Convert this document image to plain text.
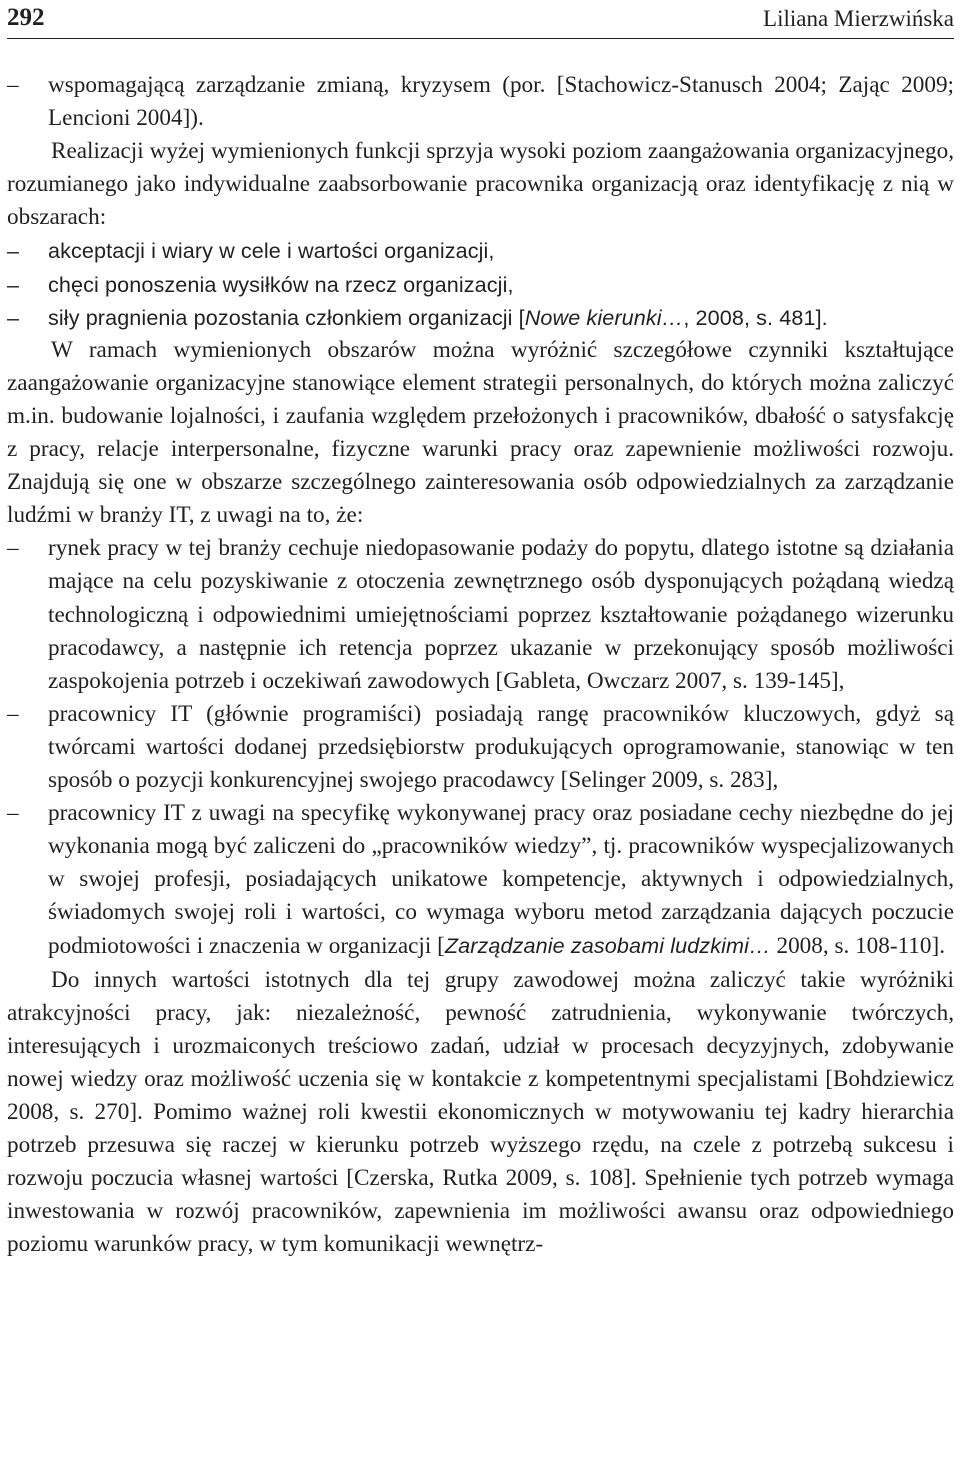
292	Liliana Mierzwińska
–	wspomagającą zarządzanie zmianą, kryzysem (por. [Stachowicz-Stanusch 2004; Zając 2009; Lencioni 2004]).

Realizacji wyżej wymienionych funkcji sprzyja wysoki poziom zaangażowania organizacyjnego, rozumianego jako indywidualne zaabsorbowanie pracownika organizacją oraz identyfikację z nią w obszarach:

–	akceptacji i wiary w cele i wartości organizacji,
–	chęci ponoszenia wysiłków na rzecz organizacji,
–	siły pragnienia pozostania członkiem organizacji [Nowe kierunki…, 2008, s. 481].

W ramach wymienionych obszarów można wyróżnić szczegółowe czynniki kształtujące zaangażowanie organizacyjne stanowiące element strategii personalnych, do których można zaliczyć m.in. budowanie lojalności, i zaufania względem przełożonych i pracowników, dbałość o satysfakcję z pracy, relacje interpersonalne, fizyczne warunki pracy oraz zapewnienie możliwości rozwoju. Znajdują się one w obszarze szczególnego zainteresowania osób odpowiedzialnych za zarządzanie ludźmi w branży IT, z uwagi na to, że:

–	rynek pracy w tej branży cechuje niedopasowanie podaży do popytu, dlatego istotne są działania mające na celu pozyskiwanie z otoczenia zewnętrznego osób dysponujących pożądaną wiedzą technologiczną i odpowiednimi umiejętnościami poprzez kształtowanie pożądanego wizerunku pracodawcy, a następnie ich retencja poprzez ukazanie w przekonujący sposób możliwości zaspokojenia potrzeb i oczekiwań zawodowych [Gableta, Owczarz 2007, s. 139-145],
–	pracownicy IT (głównie programiści) posiadają rangę pracowników kluczowych, gdyż są twórcami wartości dodanej przedsiębiorstw produkujących oprogramowanie, stanowiąc w ten sposób o pozycji konkurencyjnej swojego pracodawcy [Selinger 2009, s. 283],
–	pracownicy IT z uwagi na specyfikę wykonywanej pracy oraz posiadane cechy niezbędne do jej wykonania mogą być zaliczeni do „pracowników wiedzy”, tj. pracowników wyspecjalizowanych w swojej profesji, posiadających unikatowe kompetencje, aktywnych i odpowiedzialnych, świadomych swojej roli i wartości, co wymaga wyboru metod zarządzania dających poczucie podmiotowości i znaczenia w organizacji [Zarządzanie zasobami ludzkimi… 2008, s. 108-110].

Do innych wartości istotnych dla tej grupy zawodowej można zaliczyć takie wyróżniki atrakcyjności pracy, jak: niezależność, pewność zatrudnienia, wykonywanie twórczych, interesujących i urozmaiconych treściowo zadań, udział w procesach decyzyjnych, zdobywanie nowej wiedzy oraz możliwość uczenia się w kontakcie z kompetentnymi specjalistami [Bohdziewicz 2008, s. 270]. Pomimo ważnej roli kwestii ekonomicznych w motywowaniu tej kadry hierarchia potrzeb przesuwa się raczej w kierunku potrzeb wyższego rzędu, na czele z potrzebą sukcesu i rozwoju poczucia własnej wartości [Czerska, Rutka 2009, s. 108]. Spełnienie tych potrzeb wymaga inwestowania w rozwój pracowników, zapewnienia im możliwości awansu oraz odpowiedniego poziomu warunków pracy, w tym komunikacji wewnętrz-
